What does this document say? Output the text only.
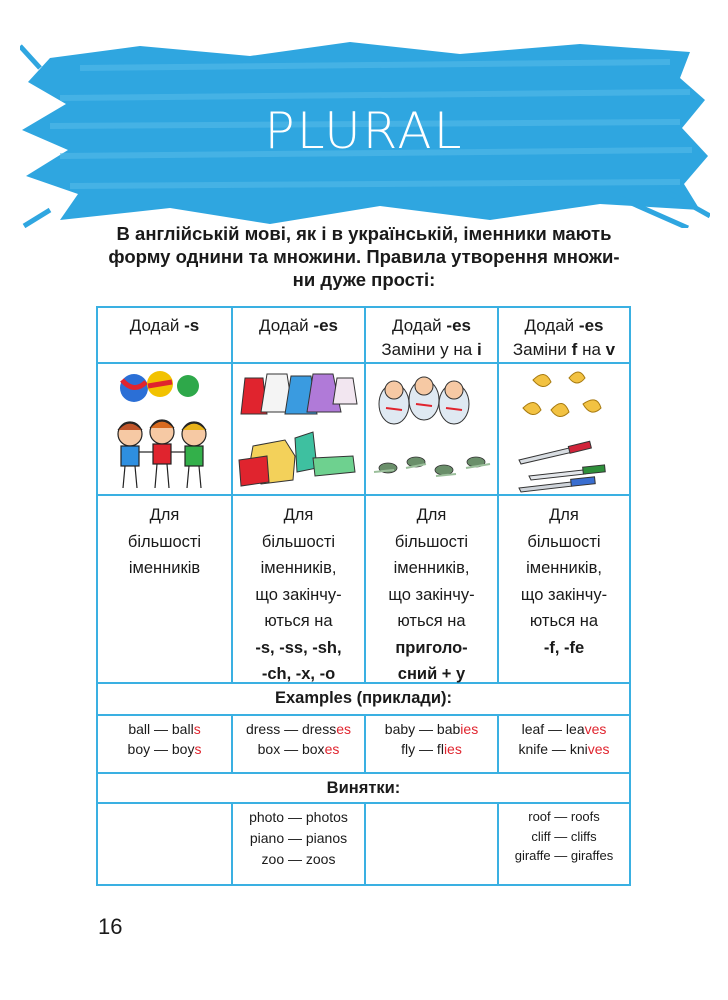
PLURAL
В англійській мові, як і в українській, іменники мають
форму однини та множини. Правила утворення множи-
ни дуже прості:
Додай -s	Додай -es	Додай -es
Заміни у на і
Додай -es
Заміни f на v
Для
більшості
іменників
Для
більшості
іменників,
що закінчу-
ються на
-s, -ss, -sh,
-ch, -x, -o
Для
більшості
іменників,
що закінчу-
ються на
приголо-
сний + у
Для
більшості
іменників,
що закінчу-
ються на
-f, -fe
Examples (приклади):
ball — balls
boy — boys
dress — dresses
box — boxes
baby — babies
fly — flies
leaf — leaves
knife — knives
Винятки:
photo — photos
piano — pianos
zoo — zoos
roof — roofs
cliff — cliffs
giraffe — giraffes
16
